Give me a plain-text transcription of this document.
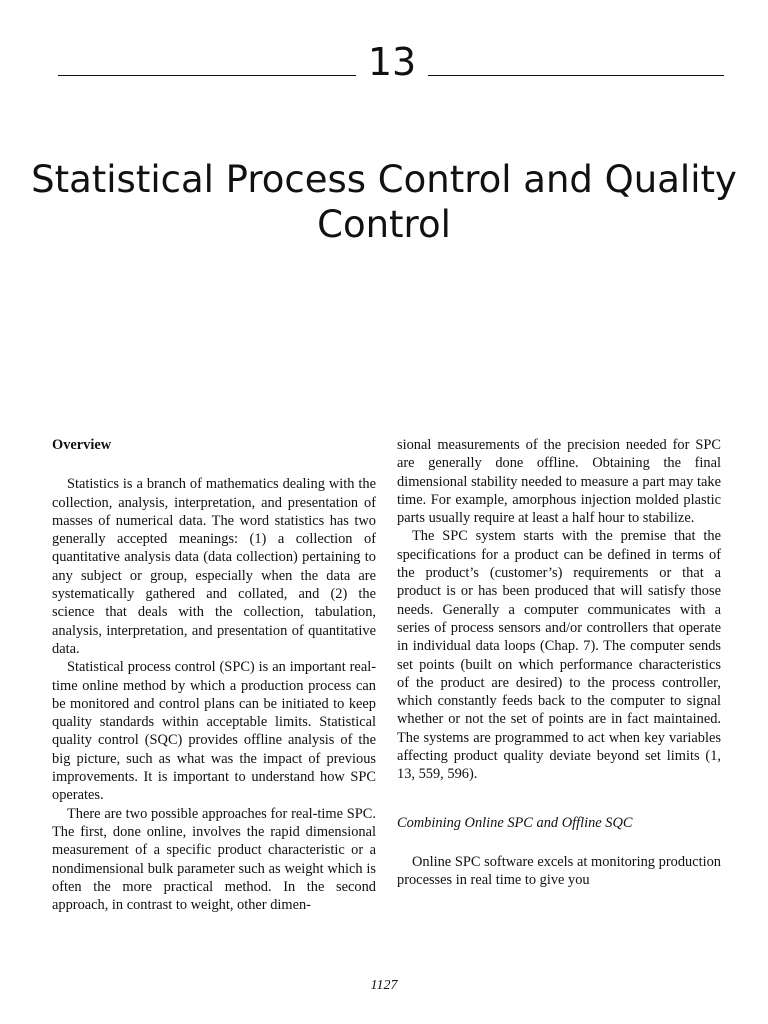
13
Statistical Process Control and Quality Control
Overview

Statistics is a branch of mathematics dealing with the collection, analysis, interpretation, and presentation of masses of numerical data. The word statistics has two generally accepted meanings: (1) a collection of quantitative analysis data (data collection) pertaining to any subject or group, especially when the data are systematically gathered and collated, and (2) the science that deals with the collection, tabulation, analysis, interpretation, and presentation of quantitative data.

Statistical process control (SPC) is an important real-time online method by which a production process can be monitored and control plans can be initiated to keep quality standards within acceptable limits. Statistical quality control (SQC) provides offline analysis of the big picture, such as what was the impact of previous improvements. It is important to understand how SPC operates.

There are two possible approaches for real-time SPC. The first, done online, involves the rapid dimensional measurement of a specific product characteristic or a nondimensional bulk parameter such as weight which is often the more practical method. In the second approach, in contrast to weight, other dimen-

sional measurements of the precision needed for SPC are generally done offline. Obtaining the final dimensional stability needed to measure a part may take time. For example, amorphous injection molded plastic parts usually require at least a half hour to stabilize.

The SPC system starts with the premise that the specifications for a product can be defined in terms of the product’s (customer’s) requirements or that a product is or has been produced that will satisfy those needs. Generally a computer communicates with a series of process sensors and/or controllers that operate in individual data loops (Chap. 7). The computer sends set points (built on which performance characteristics of the product are desired) to the process controller, which constantly feeds back to the computer to signal whether or not the set of points are in fact maintained. The systems are programmed to act when key variables affecting product quality deviate beyond set limits (1, 13, 559, 596).

Combining Online SPC and Offline SQC

Online SPC software excels at monitoring production processes in real time to give you

1127
